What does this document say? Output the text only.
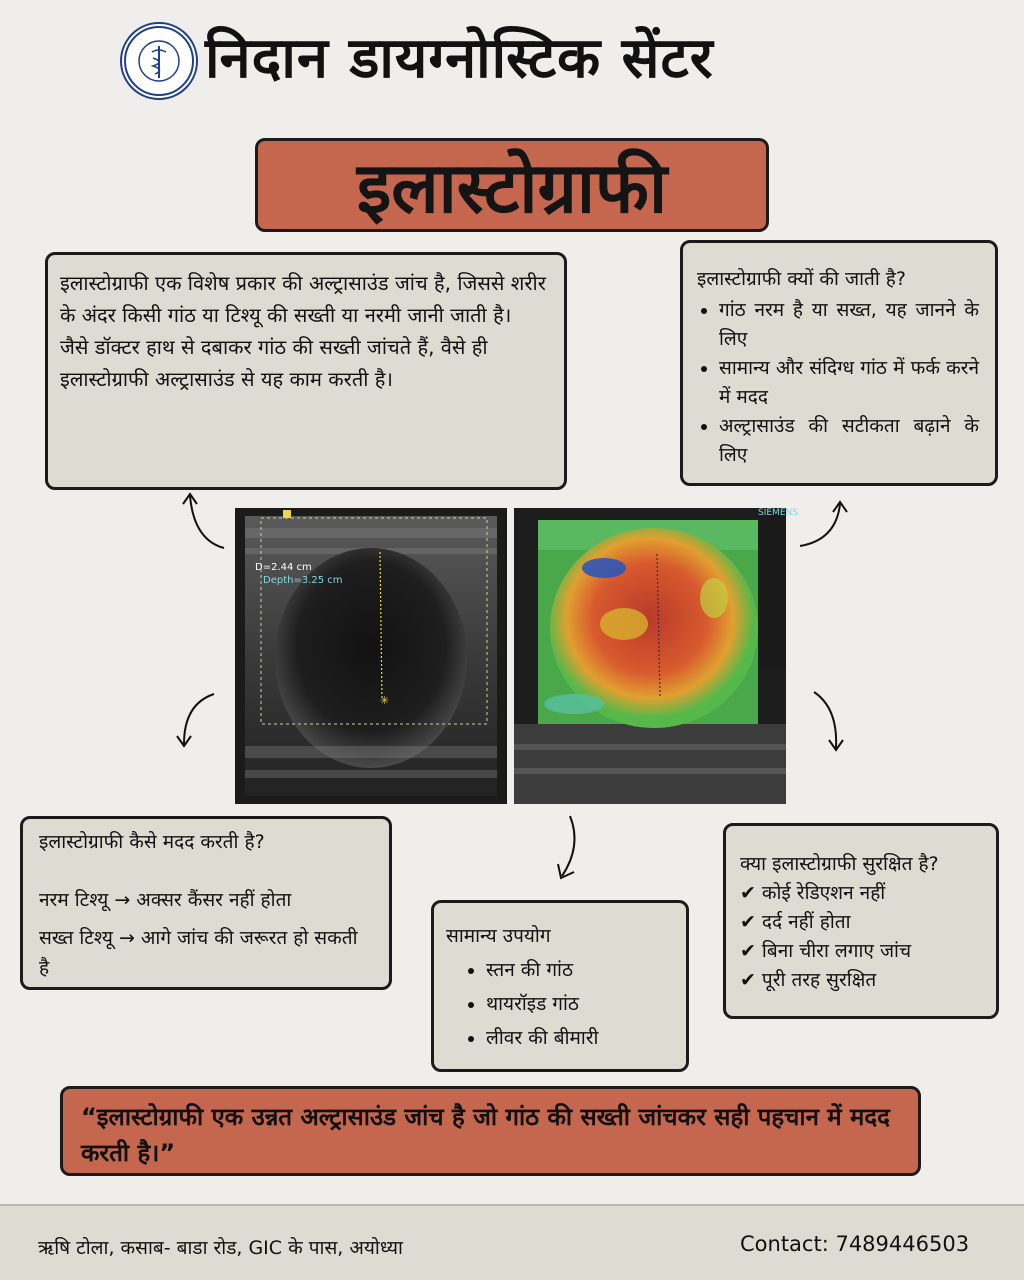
निदान डायग्नोस्टिक सेंटर
इलास्टोग्राफी

इलास्टोग्राफी एक विशेष प्रकार की अल्ट्रासाउंड जांच है, जिससे शरीर के अंदर किसी गांठ या टिश्यू की सख्ती या नरमी जानी जाती है।

जैसे डॉक्टर हाथ से दबाकर गांठ की सख्ती जांचते हैं, वैसे ही इलास्टोग्राफी अल्ट्रासाउंड से यह काम करती है।

इलास्टोग्राफी क्यों की जाती है?
• गांठ नरम है या सख्त, यह जानने के लिए
• सामान्य और संदिग्ध गांठ में फर्क करने में मदद
• अल्ट्रासाउंड की सटीकता बढ़ाने के लिए
✳
D=2.44 cm
Depth=3.25 cm
SIEMENS

इलास्टोग्राफी कैसे मदद करती है?

नरम टिश्यू → अक्सर कैंसर नहीं होता

सख्त टिश्यू → आगे जांच की जरूरत हो सकती है

सामान्य उपयोग
• स्तन की गांठ
• थायरॉइड गांठ
• लीवर की बीमारी
क्या इलास्टोग्राफी सुरक्षित है?
✔ कोई रेडिएशन नहीं
✔ दर्द नहीं होता
✔ बिना चीरा लगाए जांच
✔ पूरी तरह सुरक्षित
“इलास्टोग्राफी एक उन्नत अल्ट्रासाउंड जांच है जो गांठ की सख्ती जांचकर सही पहचान में मदद करती है।”
ऋषि टोला, कसाब- बाडा रोड, GIC के पास, अयोध्या	Contact: 7489446503
